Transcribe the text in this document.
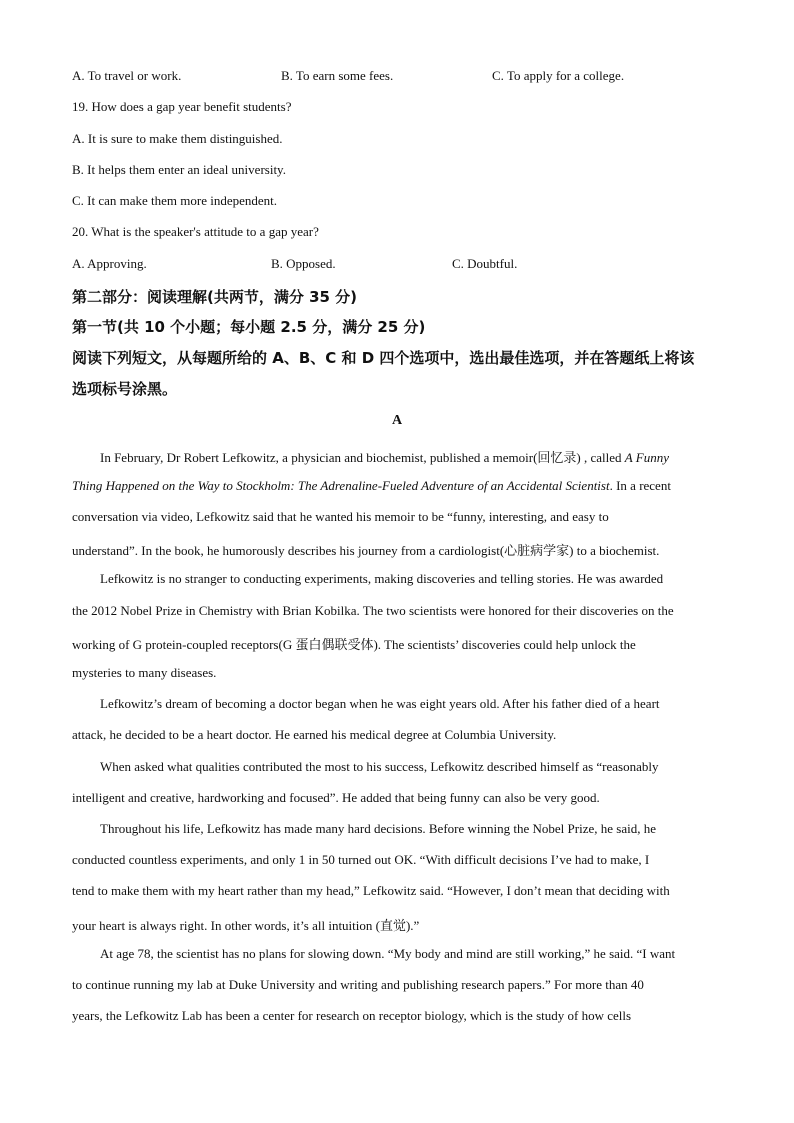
A. To travel or work.	B. To earn some fees.	C. To apply for a college.
19. How does a gap year benefit students?
A. It is sure to make them distinguished.
B. It helps them enter an ideal university.
C. It can make them more independent.
20. What is the speaker's attitude to a gap year?
A. Approving.	B. Opposed.	C. Doubtful.
第二部分：阅读理解(共两节，满分 35 分)
第一节(共 10 个小题；每小题 2.5 分，满分 25 分)
阅读下列短文，从每题所给的 A、B、C 和 D 四个选项中，选出最佳选项，并在答题纸上将该
选项标号涂黑。
A
In February, Dr Robert Lefkowitz, a physician and biochemist, published a memoir(回忆录) , called A Funny
Thing Happened on the Way to Stockholm: The Adrenaline-Fueled Adventure of an Accidental Scientist. In a recent
conversation via video, Lefkowitz said that he wanted his memoir to be “funny, interesting, and easy to
understand”. In the book, he humorously describes his journey from a cardiologist(心脏病学家) to a biochemist.
Lefkowitz is no stranger to conducting experiments, making discoveries and telling stories. He was awarded
the 2012 Nobel Prize in Chemistry with Brian Kobilka. The two scientists were honored for their discoveries on the
working of G protein-coupled receptors(G 蛋白偶联受体). The scientists’ discoveries could help unlock the
mysteries to many diseases.
Lefkowitz’s dream of becoming a doctor began when he was eight years old. After his father died of a heart
attack, he decided to be a heart doctor. He earned his medical degree at Columbia University.
When asked what qualities contributed the most to his success, Lefkowitz described himself as “reasonably
intelligent and creative, hardworking and focused”. He added that being funny can also be very good.
Throughout his life, Lefkowitz has made many hard decisions. Before winning the Nobel Prize, he said, he
conducted countless experiments, and only 1 in 50 turned out OK. “With difficult decisions I’ve had to make, I
tend to make them with my heart rather than my head,” Lefkowitz said. “However, I don’t mean that deciding with
your heart is always right. In other words, it’s all intuition (直觉).”
At age 78, the scientist has no plans for slowing down. “My body and mind are still working,” he said. “I want
to continue running my lab at Duke University and writing and publishing research papers.” For more than 40
years, the Lefkowitz Lab has been a center for research on receptor biology, which is the study of how cells
